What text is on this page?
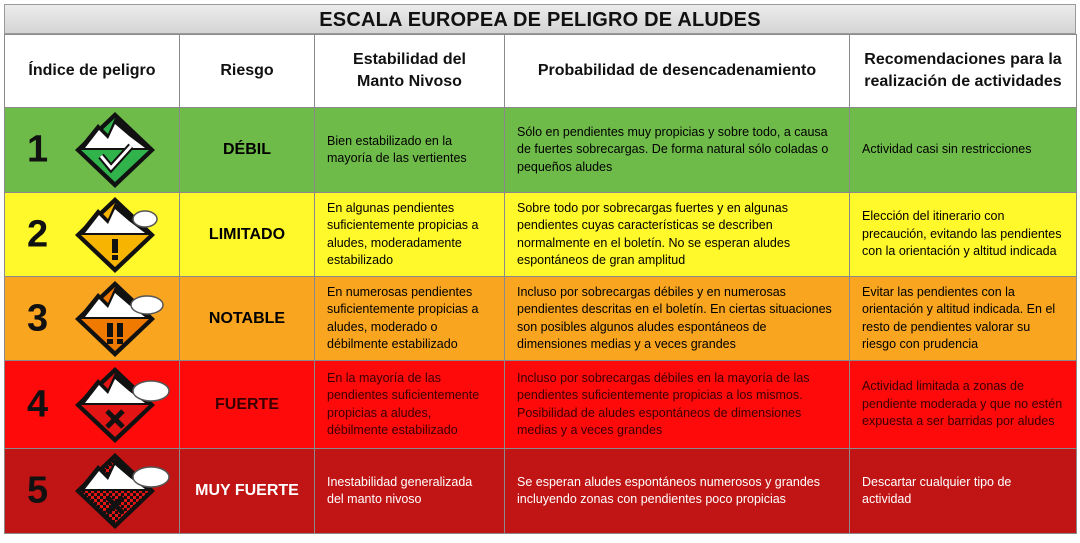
ESCALA EUROPEA DE PELIGRO DE ALUDES
Índice de peligro	Riesgo	Estabilidad del Manto Nivoso	Probabilidad de desencadenamiento	Recomendaciones para la realización de actividades

1	DÉBIL	Bien estabilizado en la mayoría de las vertientes	Sólo en pendientes muy propicias y sobre todo, a causa de fuertes sobrecargas. De forma natural sólo coladas o pequeños aludes	Actividad casi sin restricciones

2	LIMITADO	En algunas pendientes suficientemente propicias a aludes, moderadamente estabilizado	Sobre todo por sobrecargas fuertes y en algunas pendientes cuyas características se describen normalmente en el boletín. No se esperan aludes espontáneos de gran amplitud	Elección del itinerario con precaución, evitando las pendientes con la orientación y altitud indicada

3	NOTABLE	En numerosas pendientes suficientemente propicias a aludes, moderado o débilmente estabilizado	Incluso por sobrecargas débiles y en numerosas pendientes descritas en el boletín. En ciertas situaciones son posibles algunos aludes espontáneos de dimensiones medias y a veces grandes	Evitar las pendientes con la orientación y altitud indicada. En el resto de pendientes valorar su riesgo con prudencia

4	FUERTE	En la mayoría de las pendientes suficientemente propicias a aludes, débilmente estabilizado	Incluso por sobrecargas débiles en la mayoría de las pendientes suficientemente propicias a los mismos. Posibilidad de aludes espontáneos de dimensiones medias y a veces grandes	Actividad limitada a zonas de pendiente moderada y que no estén expuesta a ser barridas por aludes

5	MUY FUERTE	Inestabilidad generalizada del manto nivoso	Se esperan aludes espontáneos numerosos y grandes incluyendo zonas con pendientes poco propicias	Descartar cualquier tipo de actividad
